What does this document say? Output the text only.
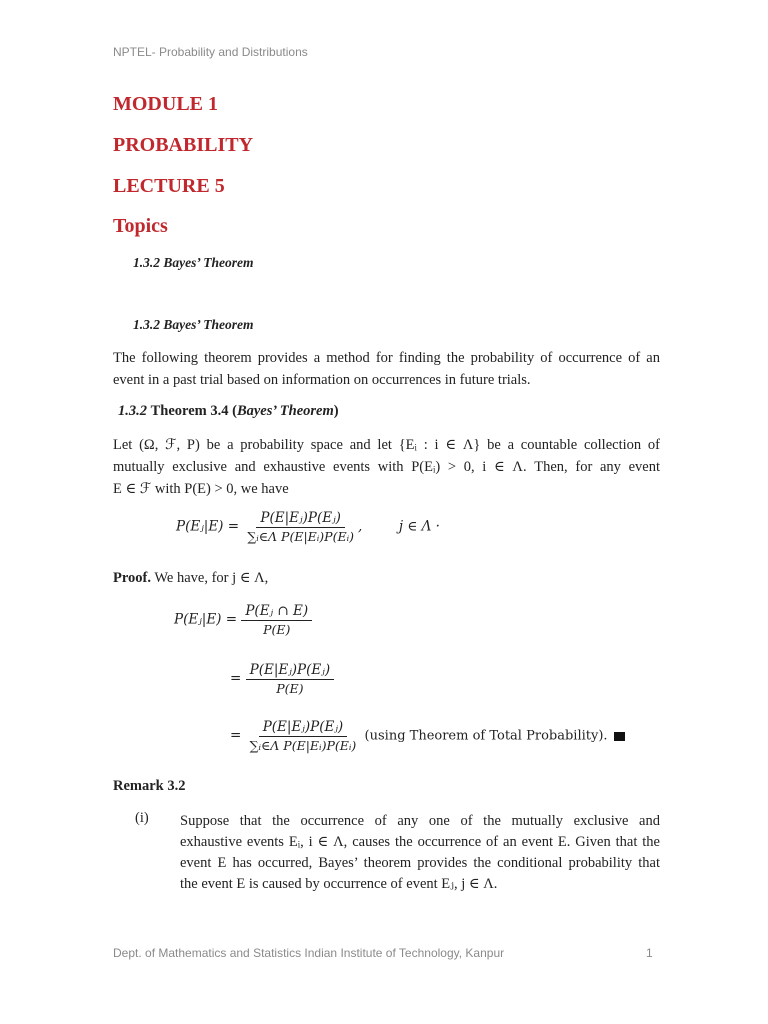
NPTEL- Probability and Distributions
MODULE 1
PROBABILITY
LECTURE 5
Topics
1.3.2 Bayes’ Theorem
1.3.2 Bayes’ Theorem
The following theorem provides a method for finding the probability of occurrence of an event in a past trial based on information on occurrences in future trials.
1.3.2 Theorem 3.4 (Bayes’ Theorem)
Let (Ω, ℱ, P) be a probability space and let {Eᵢ : i ∈ Λ} be a countable collection of
mutually exclusive and exhaustive events with P(Eᵢ) > 0, i ∈ Λ. Then, for any event
E ∈ ℱ with P(E) > 0, we have
P(Eⱼ|E) = $\frac{\text{P(E|Eⱼ)P(Eⱼ)}}{\text{∑ᵢ∈Λ P(E|Eᵢ)P(Eᵢ)}}$ ,	j ∈ Λ ·
Proof. We have, for j ∈ Λ,
P(Eⱼ|E) = $\frac{\text{P(Eⱼ ∩ E)}}{P(E)}$
= $\frac{\text{P(E|Eⱼ)P(Eⱼ)}}{P(E)}$
= $\frac{\text{P(E|Eⱼ)P(Eⱼ)}}{\text{∑ᵢ∈Λ P(E|Eᵢ)P(Eᵢ)}} (using$ Theorem of Total Probability).
Remark 3.2
(i) Suppose that the occurrence of any one of the mutually exclusive and
exhaustive events Eᵢ, i ∈ Λ, causes the occurrence of an event E. Given that the
event E has occurred, Bayes’ theorem provides the conditional probability that
the event E is caused by occurrence of event Eⱼ, j ∈ Λ.
Dept. of Mathematics and Statistics Indian Institute of Technology, Kanpur	1
